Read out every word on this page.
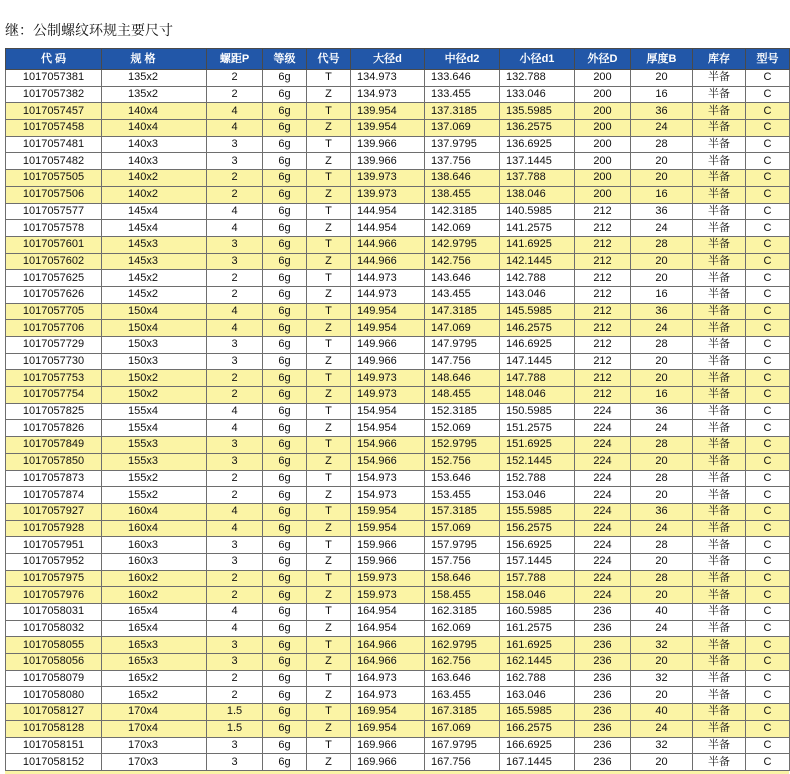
继：公制螺纹环规主要尺寸
代 码	规 格	螺距P	等级	代号	大径d	中径d2	小径d1	外径D	厚度B	库存	型号
1017057381	135x2	2	6g	T	134.973	133.646	132.788	200	20	半备	C
1017057382	135x2	2	6g	Z	134.973	133.455	133.046	200	16	半备	C
1017057457	140x4	4	6g	T	139.954	137.3185	135.5985	200	36	半备	C
1017057458	140x4	4	6g	Z	139.954	137.069	136.2575	200	24	半备	C
1017057481	140x3	3	6g	T	139.966	137.9795	136.6925	200	28	半备	C
1017057482	140x3	3	6g	Z	139.966	137.756	137.1445	200	20	半备	C
1017057505	140x2	2	6g	T	139.973	138.646	137.788	200	20	半备	C
1017057506	140x2	2	6g	Z	139.973	138.455	138.046	200	16	半备	C
1017057577	145x4	4	6g	T	144.954	142.3185	140.5985	212	36	半备	C
1017057578	145x4	4	6g	Z	144.954	142.069	141.2575	212	24	半备	C
1017057601	145x3	3	6g	T	144.966	142.9795	141.6925	212	28	半备	C
1017057602	145x3	3	6g	Z	144.966	142.756	142.1445	212	20	半备	C
1017057625	145x2	2	6g	T	144.973	143.646	142.788	212	20	半备	C
1017057626	145x2	2	6g	Z	144.973	143.455	143.046	212	16	半备	C
1017057705	150x4	4	6g	T	149.954	147.3185	145.5985	212	36	半备	C
1017057706	150x4	4	6g	Z	149.954	147.069	146.2575	212	24	半备	C
1017057729	150x3	3	6g	T	149.966	147.9795	146.6925	212	28	半备	C
1017057730	150x3	3	6g	Z	149.966	147.756	147.1445	212	20	半备	C
1017057753	150x2	2	6g	T	149.973	148.646	147.788	212	20	半备	C
1017057754	150x2	2	6g	Z	149.973	148.455	148.046	212	16	半备	C
1017057825	155x4	4	6g	T	154.954	152.3185	150.5985	224	36	半备	C
1017057826	155x4	4	6g	Z	154.954	152.069	151.2575	224	24	半备	C
1017057849	155x3	3	6g	T	154.966	152.9795	151.6925	224	28	半备	C
1017057850	155x3	3	6g	Z	154.966	152.756	152.1445	224	20	半备	C
1017057873	155x2	2	6g	T	154.973	153.646	152.788	224	28	半备	C
1017057874	155x2	2	6g	Z	154.973	153.455	153.046	224	20	半备	C
1017057927	160x4	4	6g	T	159.954	157.3185	155.5985	224	36	半备	C
1017057928	160x4	4	6g	Z	159.954	157.069	156.2575	224	24	半备	C
1017057951	160x3	3	6g	T	159.966	157.9795	156.6925	224	28	半备	C
1017057952	160x3	3	6g	Z	159.966	157.756	157.1445	224	20	半备	C
1017057975	160x2	2	6g	T	159.973	158.646	157.788	224	28	半备	C
1017057976	160x2	2	6g	Z	159.973	158.455	158.046	224	20	半备	C
1017058031	165x4	4	6g	T	164.954	162.3185	160.5985	236	40	半备	C
1017058032	165x4	4	6g	Z	164.954	162.069	161.2575	236	24	半备	C
1017058055	165x3	3	6g	T	164.966	162.9795	161.6925	236	32	半备	C
1017058056	165x3	3	6g	Z	164.966	162.756	162.1445	236	20	半备	C
1017058079	165x2	2	6g	T	164.973	163.646	162.788	236	32	半备	C
1017058080	165x2	2	6g	Z	164.973	163.455	163.046	236	20	半备	C
1017058127	170x4	1.5	6g	T	169.954	167.3185	165.5985	236	40	半备	C
1017058128	170x4	1.5	6g	Z	169.954	167.069	166.2575	236	24	半备	C
1017058151	170x3	3	6g	T	169.966	167.9795	166.6925	236	32	半备	C
1017058152	170x3	3	6g	Z	169.966	167.756	167.1445	236	20	半备	C
